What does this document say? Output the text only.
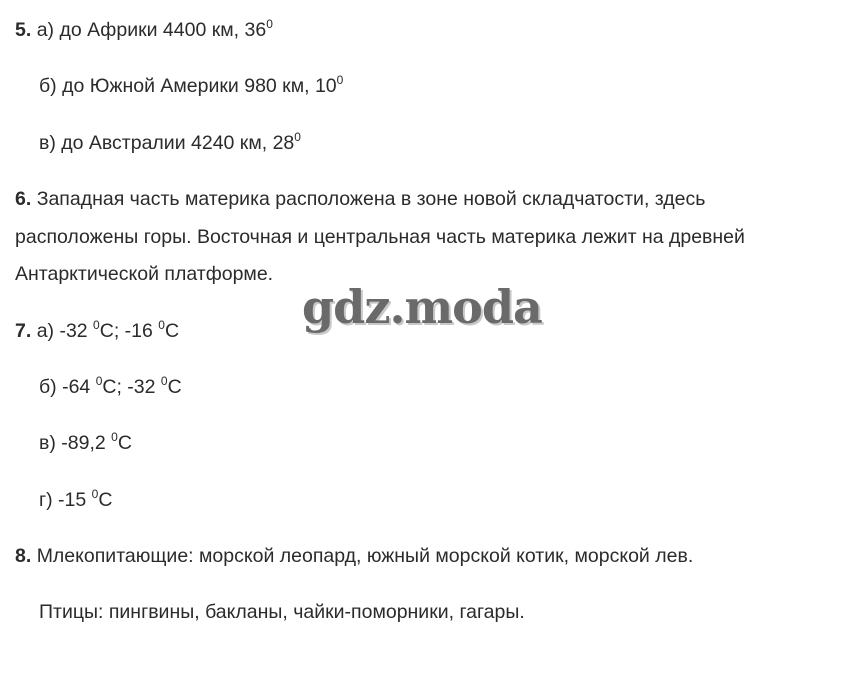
5. а) до Африки 4400 км, $36^0$
б) до Южной Америки 980 км, $10^0$
в) до Австралии 4240 км, $28^0$
6. Западная часть материка расположена в зоне новой складчатости, здесь
расположены горы. Восточная и центральная часть материка лежит на древней
Антарктической платформе.
7. а) -32 $^0$С; -16 $^0$С
б) -64 $^0$С; -32 $^0$С
в) -89,2 $^0$С
г) -15 $^0$С
8. Млекопитающие: морской леопард, южный морской котик, морской лев.
Птицы: пингвины, бакланы, чайки-поморники, гагары.
gdz.moda
